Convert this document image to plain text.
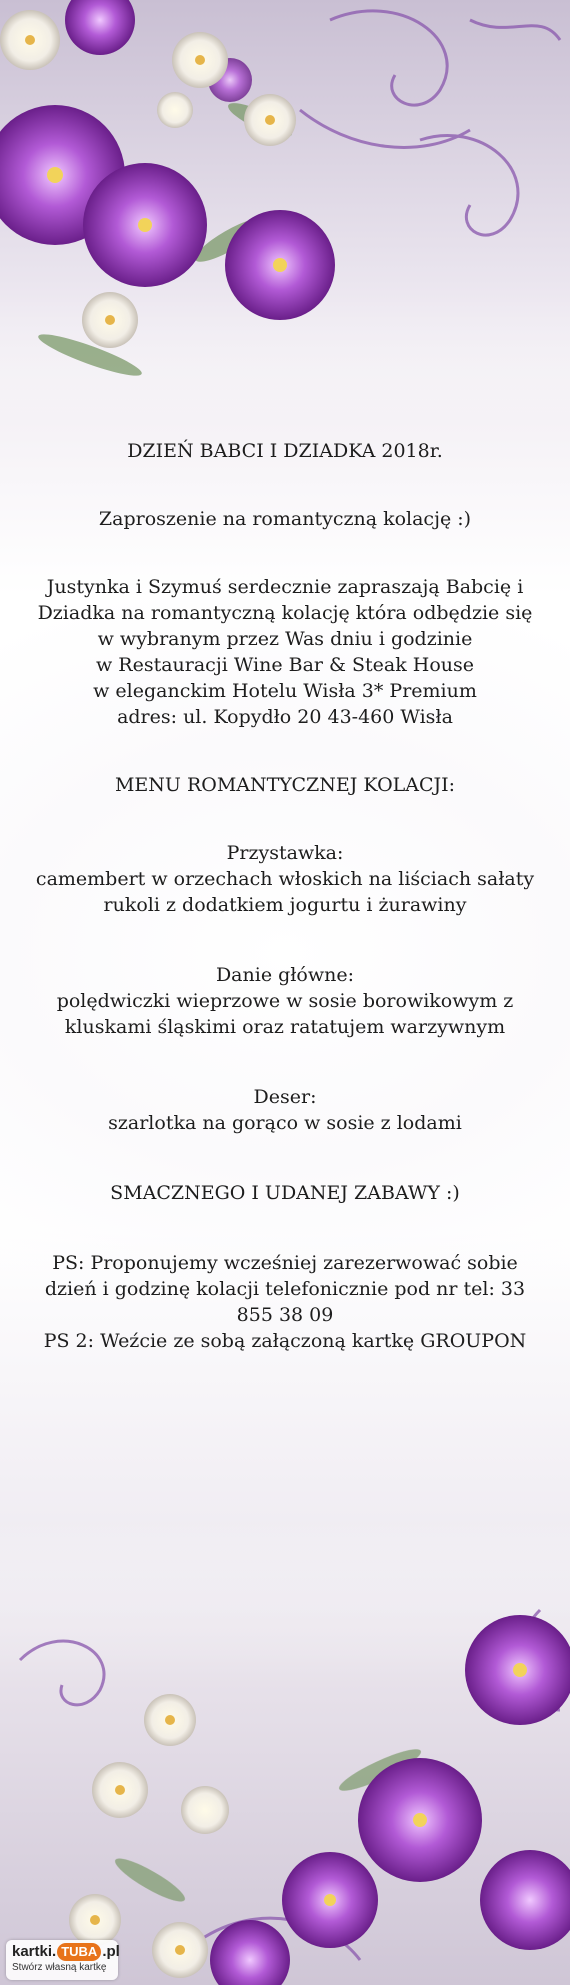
DZIEŃ BABCI I DZIADKA 2018r.

Zaproszenie na romantyczną kolację :)

Justynka i Szymuś serdecznie zapraszają Babcię i

Dziadka na romantyczną kolację która odbędzie się

w wybranym przez Was dniu i godzinie

w Restauracji Wine Bar & Steak House

w eleganckim Hotelu Wisła 3* Premium

adres: ul. Kopydło 20 43-460 Wisła

MENU ROMANTYCZNEJ KOLACJI:

Przystawka:

camembert w orzechach włoskich na liściach sałaty

rukoli z dodatkiem jogurtu i żurawiny

Danie główne:

polędwiczki wieprzowe w sosie borowikowym z

kluskami śląskimi oraz ratatujem warzywnym

Deser:

szarlotka na gorąco w sosie z lodami

SMACZNEGO I UDANEJ ZABAWY :)

PS: Proponujemy wcześniej zarezerwować sobie

dzień i godzinę kolacji telefonicznie pod nr tel: 33

855 38 09

PS 2: Weźcie ze sobą załączoną kartkę GROUPON

kartki. TUBA .pl
Stwórz własną kartkę
